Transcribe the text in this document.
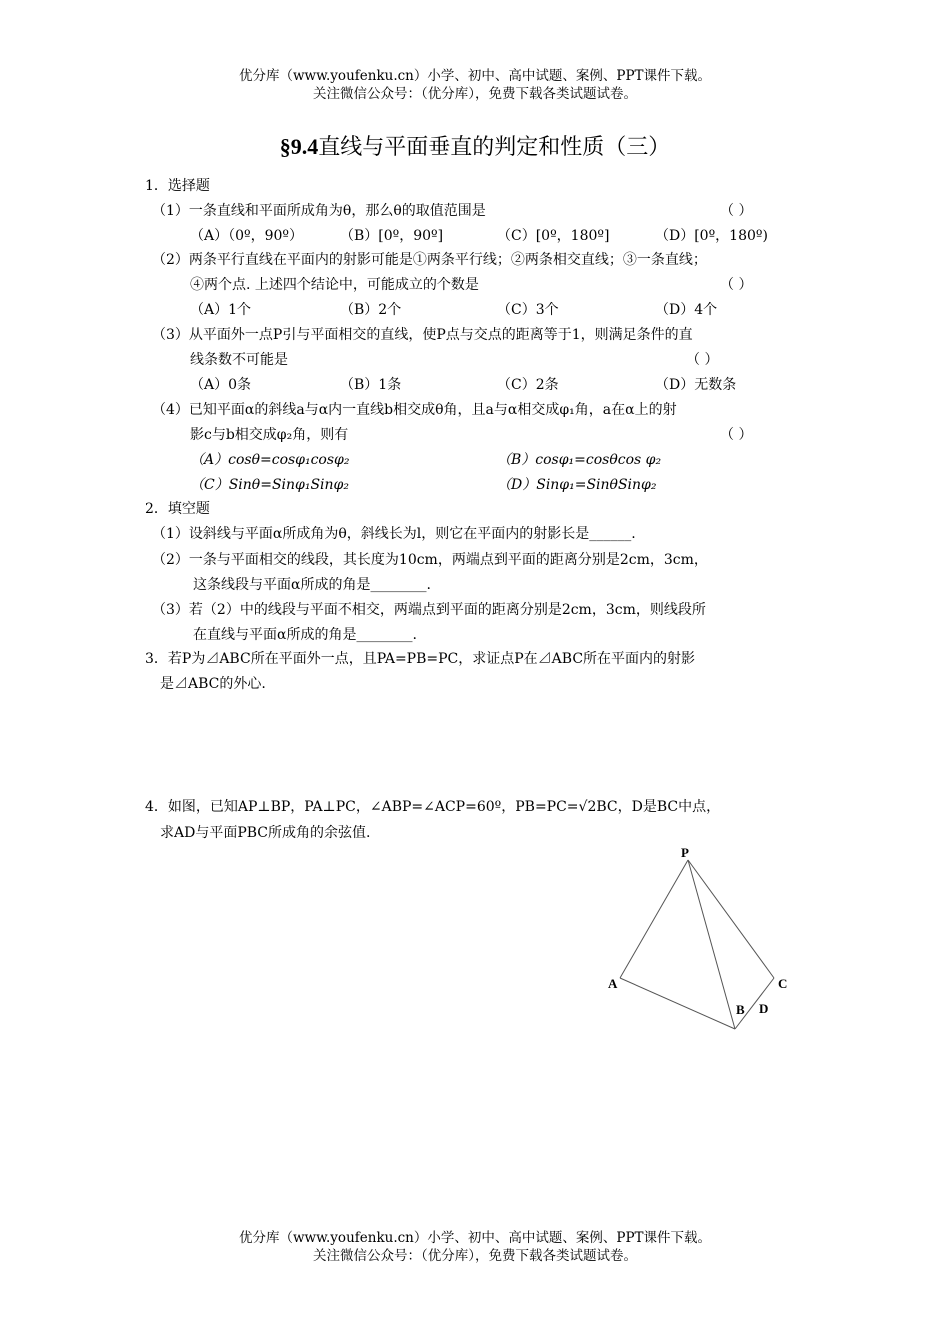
优分库（www.youfenku.cn）小学、初中、高中试题、案例、PPT课件下载。
关注微信公众号：（优分库），免费下载各类试题试卷。
§9.4直线与平面垂直的判定和性质（三）
1．选择题
（1）一条直线和平面所成角为θ，那么θ的取值范围是	（ ）
（A）（0º，90º）	（B）[0º，90º]	（C）[0º，180º]	（D）[0º，180º)
（2）两条平行直线在平面内的射影可能是①两条平行线；②两条相交直线；③一条直线；
④两个点. 上述四个结论中，可能成立的个数是	（ ）
（A）1个	（B）2个	（C）3个	（D）4个
（3）从平面外一点P引与平面相交的直线，使P点与交点的距离等于1，则满足条件的直
线条数不可能是	（ ）
（A）0条	（B）1条	（C）2条	（D）无数条
（4）已知平面α的斜线a与α内一直线b相交成θ角，且a与α相交成φ₁角，a在α上的射
影c与b相交成φ₂角，则有	（ ）
（A）cosθ=cosφ₁cosφ₂	（B）cosφ₁=cosθcos φ₂
（C）Sinθ=Sinφ₁Sinφ₂	（D）Sinφ₁=SinθSinφ₂
2．填空题
（1）设斜线与平面α所成角为θ，斜线长为l，则它在平面内的射影长是______.
（2）一条与平面相交的线段，其长度为10cm，两端点到平面的距离分别是2cm，3cm，
这条线段与平面α所成的角是________.
（3）若（2）中的线段与平面不相交，两端点到平面的距离分别是2cm，3cm，则线段所
在直线与平面α所成的角是________.
3．若P为⊿ABC所在平面外一点，且PA=PB=PC，求证点P在⊿ABC所在平面内的射影
是⊿ABC的外心.
4．如图，已知AP⊥BP，PA⊥PC，∠ABP=∠ACP=60º，PB=PC=√2BC，D是BC中点，
求AD与平面PBC所成角的余弦值.
P
A
B
C
D
优分库（www.youfenku.cn）小学、初中、高中试题、案例、PPT课件下载。
关注微信公众号：（优分库），免费下载各类试题试卷。
